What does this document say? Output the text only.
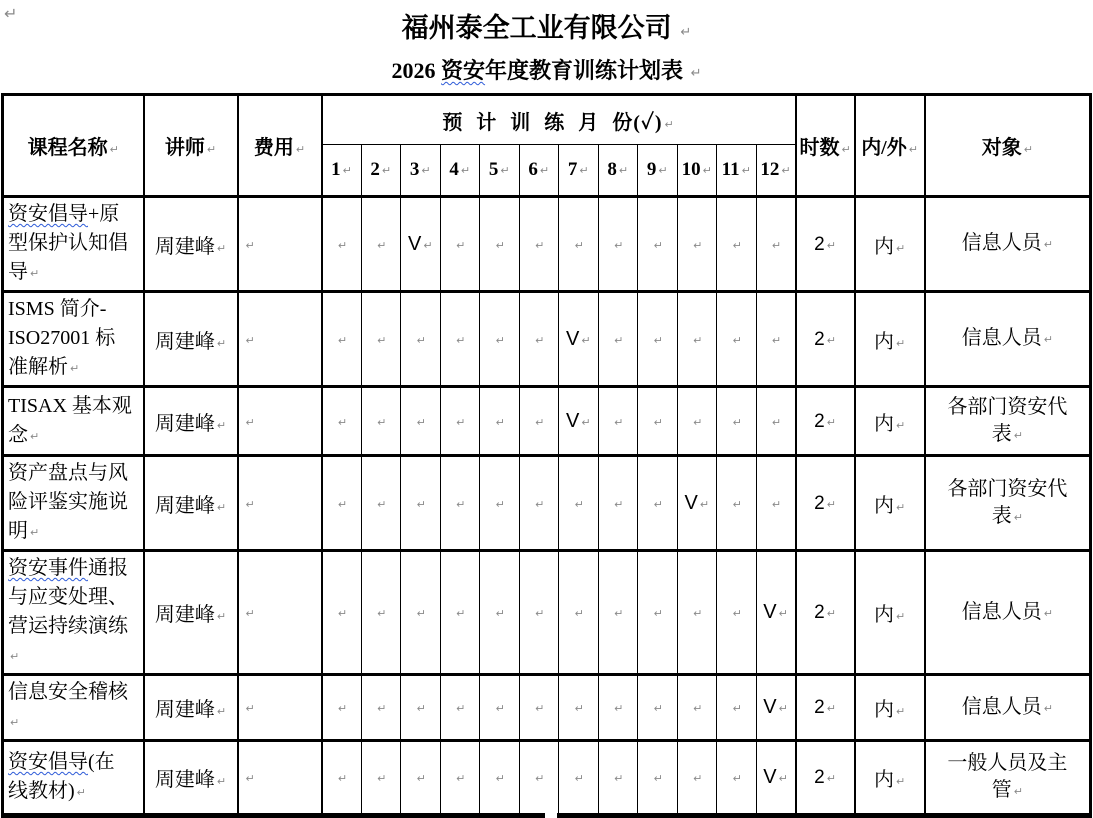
↵	福州泰全工业有限公司 ↵
2026 资安年度教育训练计划表 ↵
课程名称 ↵	讲师 ↵	费用 ↵	预 计 训 练 月 份(✓) ↵												时数 ↵	内/外 ↵	对象 ↵
			1 ↵	2 ↵	3 ↵	4 ↵	5 ↵	6 ↵	7 ↵	8 ↵	9 ↵	10 ↵	11 ↵	12 ↵			
资安倡导+原型保护认知倡导 ↵	周建峰 ↵	↵	↵	↵	V ↵	↵	↵	↵	↵	↵	↵	↵	↵	↵	2 ↵	内 ↵	信息人员 ↵
ISMS 简介-ISO27001 标准解析 ↵	周建峰 ↵	↵	↵	↵	↵	↵	↵	↵	V ↵	↵	↵	↵	↵	↵	2 ↵	内 ↵	信息人员 ↵
TISAX 基本观念 ↵	周建峰 ↵	↵	↵	↵	↵	↵	↵	↵	V ↵	↵	↵	↵	↵	↵	2 ↵	内 ↵	各部门资安代表 ↵
资产盘点与风险评鉴实施说明 ↵	周建峰 ↵	↵	↵	↵	↵	↵	↵	↵	↵	↵	↵	V ↵	↵	↵	2 ↵	内 ↵	各部门资安代表 ↵
资安事件通报与应变处理、营运持续演练↵	周建峰 ↵	↵	↵	↵	↵	↵	↵	↵	↵	↵	↵	↵	↵	V ↵	2 ↵	内 ↵	信息人员 ↵
信息安全稽核↵	周建峰 ↵	↵	↵	↵	↵	↵	↵	↵	↵	↵	↵	↵	↵	V ↵	2 ↵	内 ↵	信息人员 ↵
资安倡导(在线教材) ↵	周建峰 ↵	↵	↵	↵	↵	↵	↵	↵	↵	↵	↵	↵	↵	V ↵	2 ↵	内 ↵	一般人员及主管 ↵
